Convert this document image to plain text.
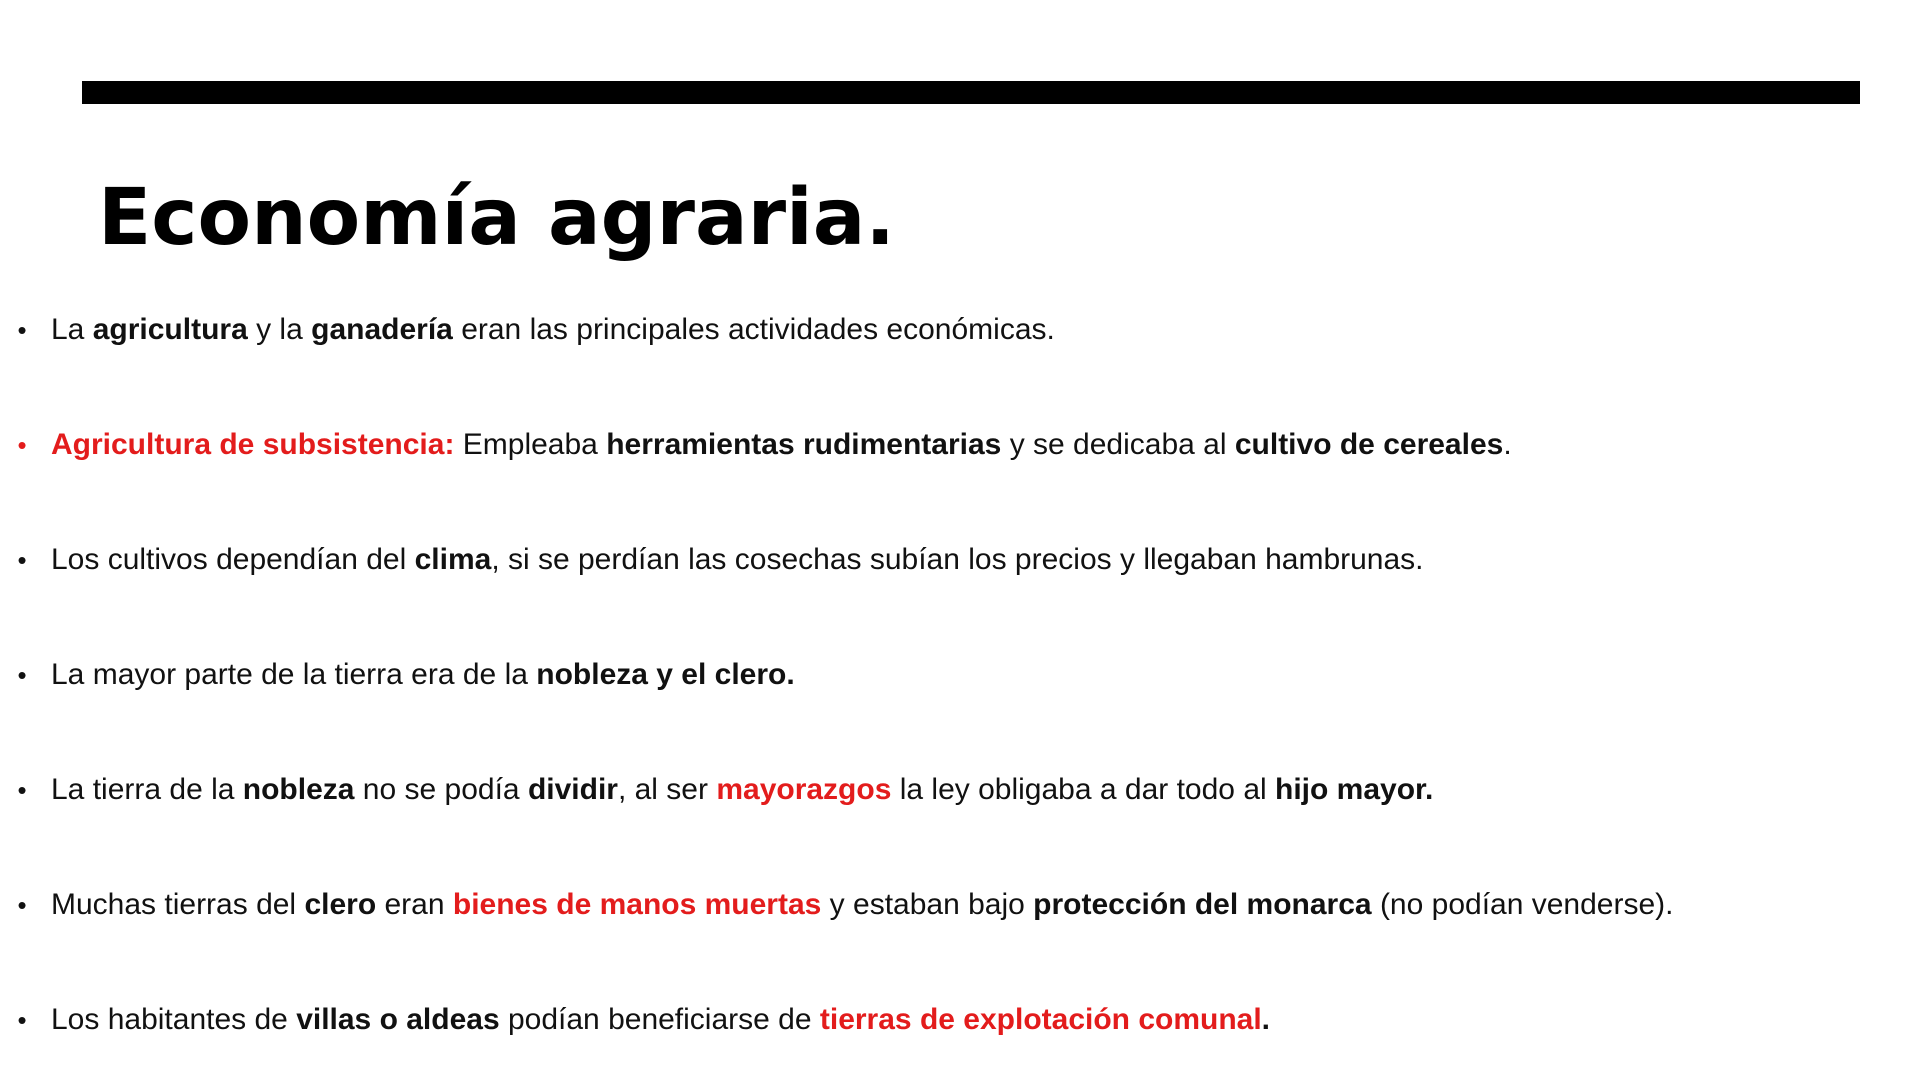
Economía agraria.
• La agricultura y la ganadería eran las principales actividades económicas.
• Agricultura de subsistencia: Empleaba herramientas rudimentarias y se dedicaba al cultivo de cereales.
• Los cultivos dependían del clima, si se perdían las cosechas subían los precios y llegaban hambrunas.
• La mayor parte de la tierra era de la nobleza y el clero.
• La tierra de la nobleza no se podía dividir, al ser mayorazgos la ley obligaba a dar todo al hijo mayor.
• Muchas tierras del clero eran bienes de manos muertas y estaban bajo protección del monarca (no podían venderse).
• Los habitantes de villas o aldeas podían beneficiarse de tierras de explotación comunal.
